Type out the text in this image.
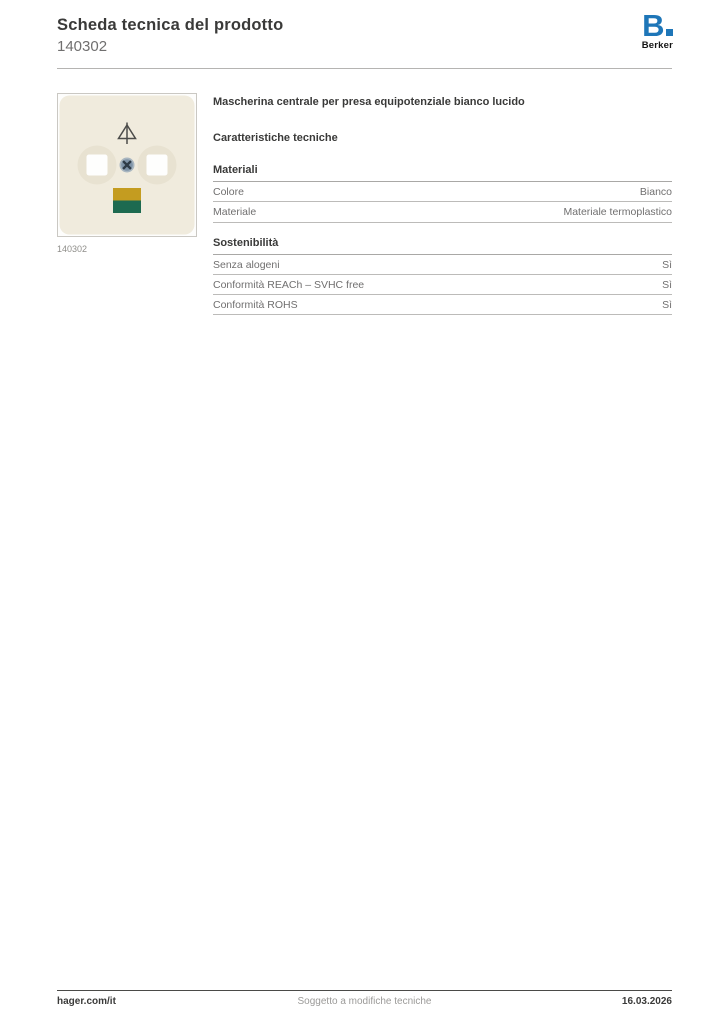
Scheda tecnica del prodotto
140302
B
Berker
140302
Mascherina centrale per presa equipotenziale bianco lucido
Caratteristiche tecniche
Materiali
Colore	Bianco
Materiale	Materiale termoplastico
Sostenibilità
Senza alogeni	Sì
Conformità REACh – SVHC free	Sì
Conformità ROHS	Sì
hager.com/it	Soggetto a modifiche tecniche	16.03.2026
